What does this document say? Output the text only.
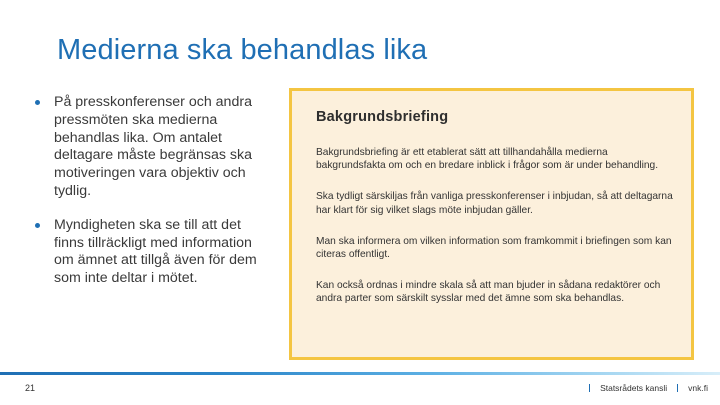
Medierna ska behandlas lika
På presskonferenser och andra pressmöten ska medierna behandlas lika. Om antalet deltagare måste begränsas ska motiveringen vara objektiv och tydlig.
Myndigheten ska se till att det finns tillräckligt med information om ämnet att tillgå även för dem som inte deltar i mötet.
Bakgrundsbriefing

Bakgrundsbriefing är ett etablerat sätt att tillhandahålla medierna bakgrundsfakta om och en bredare inblick i frågor som är under behandling.

Ska tydligt särskiljas från vanliga presskonferenser i inbjudan, så att deltagarna har klart för sig vilket slags möte inbjudan gäller.

Man ska informera om vilken information som framkommit i briefingen som kan citeras offentligt.

Kan också ordnas i mindre skala så att man bjuder in sådana redaktörer och andra parter som särskilt sysslar med det ämne som ska behandlas.

21	Statsrådets kansli vnk.fi
